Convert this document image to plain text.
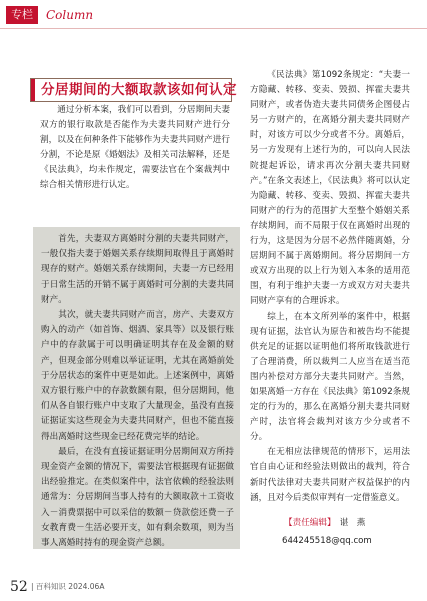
专栏	Column
分居期间的大额取款该如何认定

通过分析本案，我们可以看到，分居期间夫妻双方的银行取款是否能作为夫妻共同财产进行分割，以及在何种条件下能够作为夫妻共同财产进行分割，不论是原《婚姻法》及相关司法解释，还是《民法典》，均未作规定，需要法官在个案裁判中综合相关情形进行认定。

首先，夫妻双方离婚时分割的夫妻共同财产，一般仅指夫妻于婚姻关系存续期间取得且于离婚时现存的财产。婚姻关系存续期间，夫妻一方已经用于日常生活的开销不属于离婚时可分割的夫妻共同财产。

其次，就夫妻共同财产而言，房产、夫妻双方购入的动产（如首饰、烟酒、家具等）以及银行账户中的存款属于可以明确证明其存在及金额的财产，但现金部分则难以举证证明，尤其在离婚前处于分居状态的案件中更是如此。上述案例中，离婚双方银行账户中的存款数额有限，但分居期间，他们从各自银行账户中支取了大量现金，虽没有直接证据证实这些现金为夫妻共同财产，但也不能直接得出离婚时这些现金已经花费完毕的结论。

最后，在没有直接证据证明分居期间双方所持现金资产金额的情况下，需要法官根据现有证据做出经验推定。在类似案件中，法官依赖的经验法则通常为：分居期间当事人持有的大额取款＋工资收入－消费票据中可以采信的数额－贷款偿还费－子女教育费－生活必要开支，如有剩余数项，则为当事人离婚时持有的现金资产总额。

《民法典》第1092条规定：“夫妻一方隐藏、转移、变卖、毁损、挥霍夫妻共同财产，或者伪造夫妻共同债务企图侵占另一方财产的，在离婚分割夫妻共同财产时，对该方可以少分或者不分。离婚后，另一方发现有上述行为的，可以向人民法院提起诉讼，请求再次分割夫妻共同财产。”在条文表述上，《民法典》将可以认定为隐藏、转移、变卖、毁损、挥霍夫妻共同财产的行为的范围扩大至整个婚姻关系存续期间，而不局限于仅在离婚时出现的行为，这是因为分居不必然伴随离婚，分居期间不属于离婚期间。将分居期间一方或双方出现的以上行为划入本条的适用范围，有利于维护夫妻一方或双方对夫妻共同财产享有的合理诉求。

综上，在本文所列举的案件中，根据现有证据，法官认为原告和被告均不能提供充足的证据以证明他们将所取钱款进行了合理消费，所以裁判二人应当在适当范围内补偿对方部分夫妻共同财产。当然，如果离婚一方存在《民法典》第1092条规定的行为的，那么在离婚分割夫妻共同财产时，法官将会裁判对该方少分或者不分。

在无相应法律规范的情形下，运用法官自由心证和经验法则做出的裁判，符合新时代法律对夫妻共同财产权益保护的内涵，且对今后类似审判有一定借鉴意义。

【责任编辑】 谌　燕
644245518@qq.com
52 | 百科知识 2024.06A
